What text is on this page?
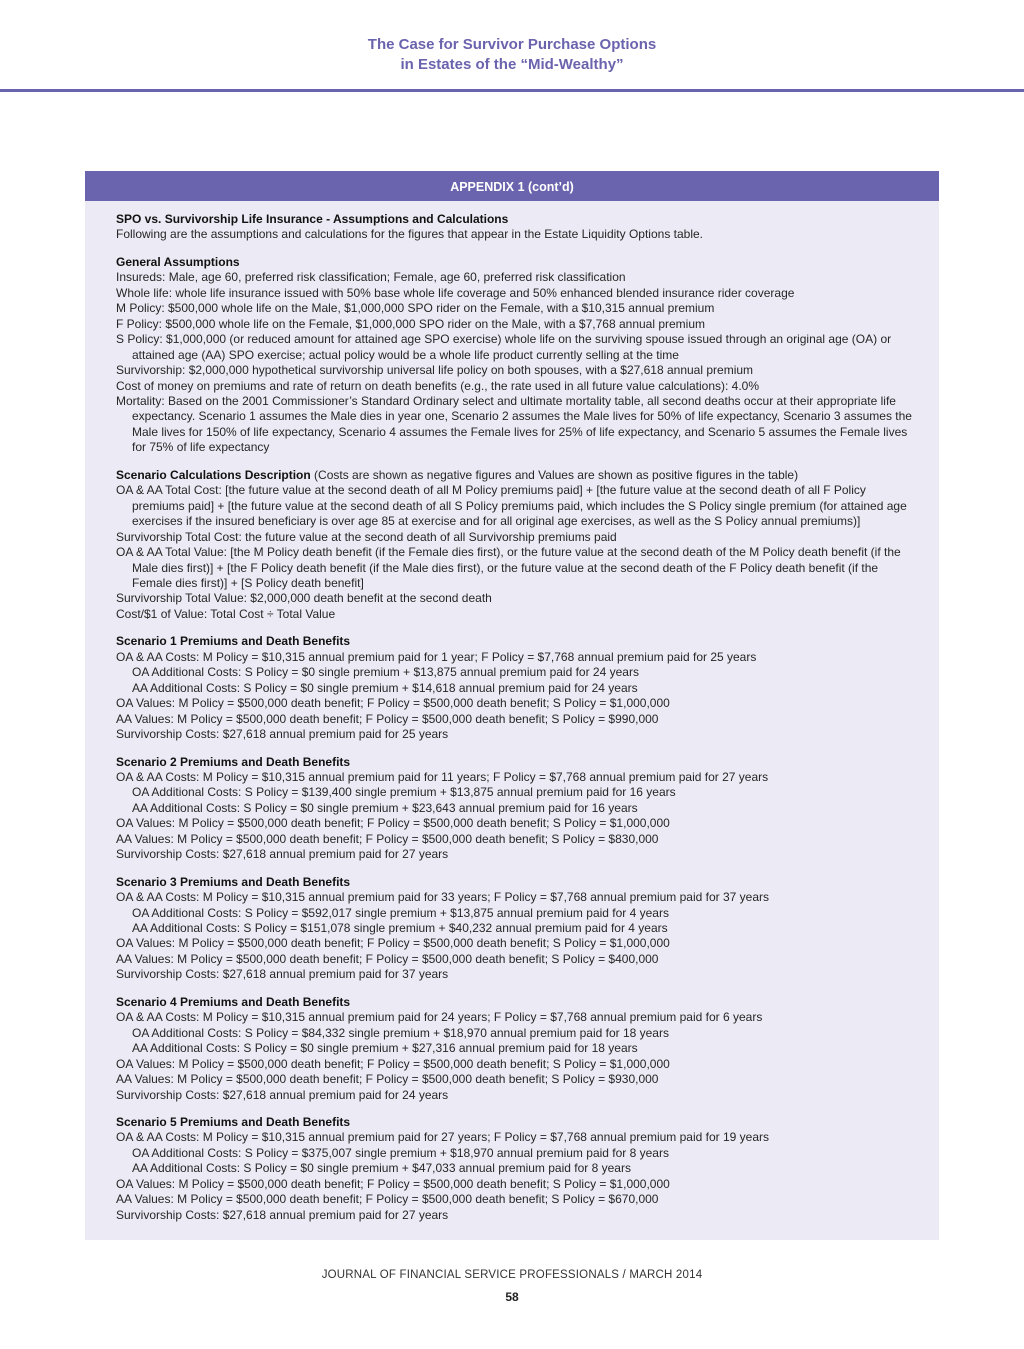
The Case for Survivor Purchase Options
in Estates of the “Mid-Wealthy”
APPENDIX 1 (cont’d)
SPO vs. Survivorship Life Insurance - Assumptions and Calculations
Following are the assumptions and calculations for the figures that appear in the Estate Liquidity Options table.
General Assumptions
Insureds: Male, age 60, preferred risk classification; Female, age 60, preferred risk classification
Whole life: whole life insurance issued with 50% base whole life coverage and 50% enhanced blended insurance rider coverage
M Policy: $500,000 whole life on the Male, $1,000,000 SPO rider on the Female, with a $10,315 annual premium
F Policy: $500,000 whole life on the Female, $1,000,000 SPO rider on the Male, with a $7,768 annual premium
S Policy: $1,000,000 (or reduced amount for attained age SPO exercise) whole life on the surviving spouse issued through an original age (OA) or attained age (AA) SPO exercise; actual policy would be a whole life product currently selling at the time
Survivorship: $2,000,000 hypothetical survivorship universal life policy on both spouses, with a $27,618 annual premium
Cost of money on premiums and rate of return on death benefits (e.g., the rate used in all future value calculations): 4.0%
Mortality: Based on the 2001 Commissioner’s Standard Ordinary select and ultimate mortality table, all second deaths occur at their appropriate life expectancy. Scenario 1 assumes the Male dies in year one, Scenario 2 assumes the Male lives for 50% of life expectancy, Scenario 3 assumes the Male lives for 150% of life expectancy, Scenario 4 assumes the Female lives for 25% of life expectancy, and Scenario 5 assumes the Female lives for 75% of life expectancy
Scenario Calculations Description (Costs are shown as negative figures and Values are shown as positive figures in the table)
OA & AA Total Cost: [the future value at the second death of all M Policy premiums paid] + [the future value at the second death of all F Policy premiums paid] + [the future value at the second death of all S Policy premiums paid, which includes the S Policy single premium (for attained age exercises if the insured beneficiary is over age 85 at exercise and for all original age exercises, as well as the S Policy annual premiums)]
Survivorship Total Cost: the future value at the second death of all Survivorship premiums paid
OA & AA Total Value: [the M Policy death benefit (if the Female dies first), or the future value at the second death of the M Policy death benefit (if the Male dies first)] + [the F Policy death benefit (if the Male dies first), or the future value at the second death of the F Policy death benefit (if the Female dies first)] + [S Policy death benefit]
Survivorship Total Value: $2,000,000 death benefit at the second death
Cost/$1 of Value: Total Cost ÷ Total Value
Scenario 1 Premiums and Death Benefits
OA & AA Costs: M Policy = $10,315 annual premium paid for 1 year; F Policy = $7,768 annual premium paid for 25 years
OA Additional Costs: S Policy = $0 single premium + $13,875 annual premium paid for 24 years
AA Additional Costs: S Policy = $0 single premium + $14,618 annual premium paid for 24 years
OA Values: M Policy = $500,000 death benefit; F Policy = $500,000 death benefit; S Policy = $1,000,000
AA Values: M Policy = $500,000 death benefit; F Policy = $500,000 death benefit; S Policy = $990,000
Survivorship Costs: $27,618 annual premium paid for 25 years
Scenario 2 Premiums and Death Benefits
OA & AA Costs: M Policy = $10,315 annual premium paid for 11 years; F Policy = $7,768 annual premium paid for 27 years
OA Additional Costs: S Policy = $139,400 single premium + $13,875 annual premium paid for 16 years
AA Additional Costs: S Policy = $0 single premium + $23,643 annual premium paid for 16 years
OA Values: M Policy = $500,000 death benefit; F Policy = $500,000 death benefit; S Policy = $1,000,000
AA Values: M Policy = $500,000 death benefit; F Policy = $500,000 death benefit; S Policy = $830,000
Survivorship Costs: $27,618 annual premium paid for 27 years
Scenario 3 Premiums and Death Benefits
OA & AA Costs: M Policy = $10,315 annual premium paid for 33 years; F Policy = $7,768 annual premium paid for 37 years
OA Additional Costs: S Policy = $592,017 single premium + $13,875 annual premium paid for 4 years
AA Additional Costs: S Policy = $151,078 single premium + $40,232 annual premium paid for 4 years
OA Values: M Policy = $500,000 death benefit; F Policy = $500,000 death benefit; S Policy = $1,000,000
AA Values: M Policy = $500,000 death benefit; F Policy = $500,000 death benefit; S Policy = $400,000
Survivorship Costs: $27,618 annual premium paid for 37 years
Scenario 4 Premiums and Death Benefits
OA & AA Costs: M Policy = $10,315 annual premium paid for 24 years; F Policy = $7,768 annual premium paid for 6 years
OA Additional Costs: S Policy = $84,332 single premium + $18,970 annual premium paid for 18 years
AA Additional Costs: S Policy = $0 single premium + $27,316 annual premium paid for 18 years
OA Values: M Policy = $500,000 death benefit; F Policy = $500,000 death benefit; S Policy = $1,000,000
AA Values: M Policy = $500,000 death benefit; F Policy = $500,000 death benefit; S Policy = $930,000
Survivorship Costs: $27,618 annual premium paid for 24 years
Scenario 5 Premiums and Death Benefits
OA & AA Costs: M Policy = $10,315 annual premium paid for 27 years; F Policy = $7,768 annual premium paid for 19 years
OA Additional Costs: S Policy = $375,007 single premium + $18,970 annual premium paid for 8 years
AA Additional Costs: S Policy = $0 single premium + $47,033 annual premium paid for 8 years
OA Values: M Policy = $500,000 death benefit; F Policy = $500,000 death benefit; S Policy = $1,000,000
AA Values: M Policy = $500,000 death benefit; F Policy = $500,000 death benefit; S Policy = $670,000
Survivorship Costs: $27,618 annual premium paid for 27 years
JOURNAL OF FINANCIAL SERVICE PROFESSIONALS / MARCH 2014
58
